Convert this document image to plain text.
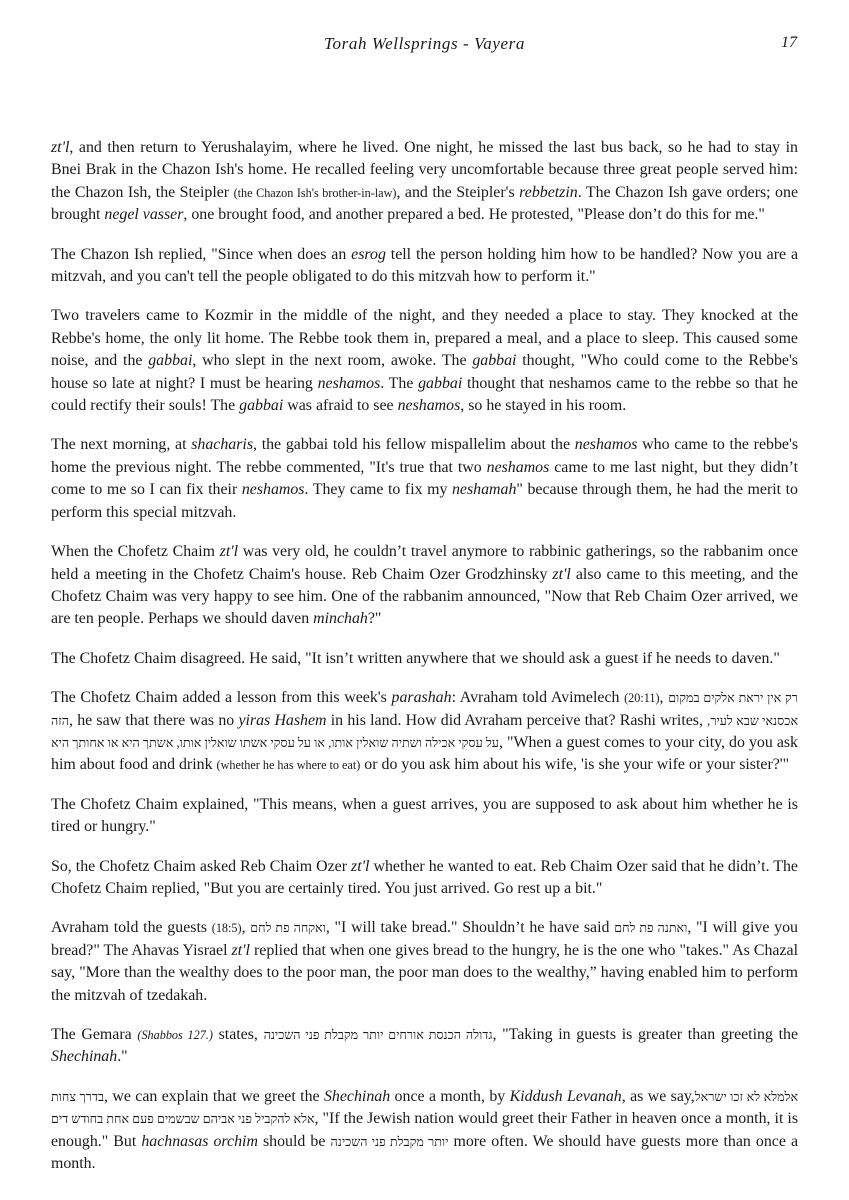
Torah Wellsprings - Vayera	17

zt'l, and then return to Yerushalayim, where he lived. One night, he missed the last bus back, so he had to stay in Bnei Brak in the Chazon Ish's home. He recalled feeling very uncomfortable because three great people served him: the Chazon Ish, the Steipler (the Chazon Ish's brother-in-law), and the Steipler's rebbetzin. The Chazon Ish gave orders; one brought negel vasser, one brought food, and another prepared a bed. He protested, "Please don’t do this for me."

The Chazon Ish replied, "Since when does an esrog tell the person holding him how to be handled? Now you are a mitzvah, and you can't tell the people obligated to do this mitzvah how to perform it."

Two travelers came to Kozmir in the middle of the night, and they needed a place to stay. They knocked at the Rebbe's home, the only lit home. The Rebbe took them in, prepared a meal, and a place to sleep. This caused some noise, and the gabbai, who slept in the next room, awoke. The gabbai thought, "Who could come to the Rebbe's house so late at night? I must be hearing neshamos. The gabbai thought that neshamos came to the rebbe so that he could rectify their souls! The gabbai was afraid to see neshamos, so he stayed in his room.

The next morning, at shacharis, the gabbai told his fellow mispallelim about the neshamos who came to the rebbe's home the previous night. The rebbe commented, "It's true that two neshamos came to me last night, but they didn’t come to me so I can fix their neshamos. They came to fix my neshamah" because through them, he had the merit to perform this special mitzvah.

When the Chofetz Chaim zt'l was very old, he couldn’t travel anymore to rabbinic gatherings, so the rabbanim once held a meeting in the Chofetz Chaim's house. Reb Chaim Ozer Grodzhinsky zt'l also came to this meeting, and the Chofetz Chaim was very happy to see him. One of the rabbanim announced, "Now that Reb Chaim Ozer arrived, we are ten people. Perhaps we should daven minchah?"

The Chofetz Chaim disagreed. He said, "It isn’t written anywhere that we should ask a guest if he needs to daven."

The Chofetz Chaim added a lesson from this week's parashah: Avraham told Avimelech (20:11), רק אין יראת אלקים במקום הזה, he saw that there was no yiras Hashem in his land. How did Avraham perceive that? Rashi writes, אכסנאי שבא לעיר, על עסקי אכילה ושתיה שואלין אותו, או על עסקי אשתו שואלין אותו, אשתך היא או אחותך היא, "When a guest comes to your city, do you ask him about food and drink (whether he has where to eat) or do you ask him about his wife, 'is she your wife or your sister?'"

The Chofetz Chaim explained, "This means, when a guest arrives, you are supposed to ask about him whether he is tired or hungry."

So, the Chofetz Chaim asked Reb Chaim Ozer zt'l whether he wanted to eat. Reb Chaim Ozer said that he didn’t. The Chofetz Chaim replied, "But you are certainly tired. You just arrived. Go rest up a bit."

Avraham told the guests (18:5), ואקחה פת לחם, "I will take bread." Shouldn’t he have said ואתנה פת לחם, "I will give you bread?" The Ahavas Yisrael zt'l replied that when one gives bread to the hungry, he is the one who "takes." As Chazal say, "More than the wealthy does to the poor man, the poor man does to the wealthy,” having enabled him to perform the mitzvah of tzedakah.

The Gemara (Shabbos 127.) states, גדולה הכנסת אורחים יותר מקבלת פני השכינה, "Taking in guests is greater than greeting the Shechinah."

בדרך צחות, we can explain that we greet the Shechinah once a month, by Kiddush Levanah, as we say,אלמלא לא זכו ישראל אלא להקביל פני אביהם שבשמים פעם אחת בחודש דים, "If the Jewish nation would greet their Father in heaven once a month, it is enough." But hachnasas orchim should be יותר מקבלת פני השכינה more often. We should have guests more than once a month.
